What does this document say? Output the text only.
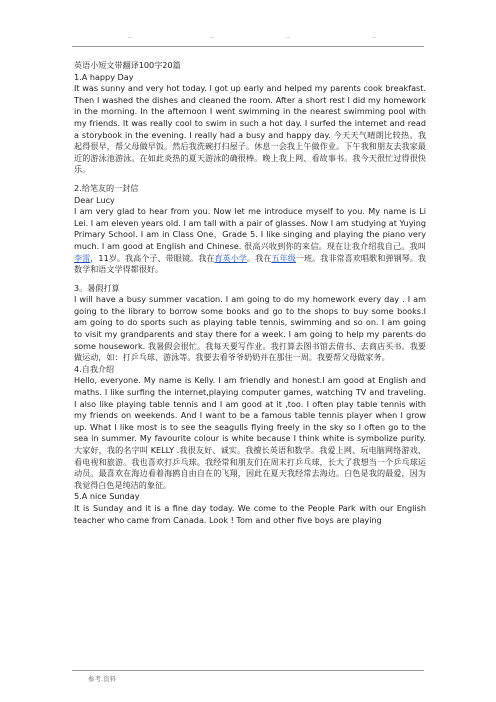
..	..	..	..

英语小短文带翻译100字20篇

1.A happy Day

It was sunny and very hot today. I got up early and helped my parents cook breakfast. Then I washed the dishes and cleaned the room. After a short rest I did my homework in the morning. In the afternoon I went swimming in the nearest swimming pool with my friends. It was really cool to swim in such a hot day. I surfed the internet and read a storybook in the evening. I really had a busy and happy day. 今天天气晴朗比较热。我起得很早，帮父母做早饭。然后我洗碗打扫屋子。休息一会我上午做作业。下午我和朋友去我家最近的游泳池游泳。在如此炎热的夏天游泳的确很棒。晚上我上网、看故事书。我今天很忙过得很快乐。

2.给笔友的一封信

Dear Lucy

I am very glad to hear from you. Now let me introduce myself to you. My name is Li Lei. I am eleven years old. I am tall with a pair of glasses. Now I am studying at Yuying Primary School. I am in Class One，Grade 5. I like singing and playing the piano very much. I am good at English and Chinese. 很高兴收到你的来信。现在让我介绍我自己。我叫李雷，11岁。我高个子、带眼镜。我在育英小学。我在五年级一班。我非常喜欢唱歌和弹钢琴。我数学和语文学得都很好。

3。暑假打算

I will have a busy summer vacation. I am going to do my homework every day . I am going to the library to borrow some books and go to the shops to buy some books.I am going to do sports such as playing table tennis, swimming and so on. I am going to visit my grandparents and stay there for a week. I am going to help my parents do some housework. 我暑假会很忙。我每天要写作业。我打算去图书馆去借书、去商店买书。我要做运动，如：打乒乓球、游泳等。我要去看爷爷奶奶并在那住一周。我要帮父母做家务。

4.自我介绍

Hello, everyone. My name is Kelly. I am friendly and honest.I am good at English and maths. I like surfing the internet,playing computer games, watching TV and traveling. I also like playing table tennis and I am good at it ,too. I often play table tennis with my friends on weekends. And I want to be a famous table tennis player when I grow up. What I like most is to see the seagulls flying freely in the sky so I often go to the sea in summer. My favourite colour is white because I think white is symbolize purity. 大家好，我的名字叫 KELLY .我很友好、诚实。我擅长英语和数学。我爱上网、玩电脑网络游戏、看电视和旅游。我也喜欢打乒乓球。我经常和朋友们在周末打乒乓球，长大了我想当一个乒乓球运动员。最喜欢在海边看着海鸥自由自在的飞翔，因此在夏天我经常去海边。白色是我的最爱，因为我觉得白色是纯洁的象征。

5.A nice Sunday

It is Sunday and it is a fine day today. We come to the People Park with our English teacher who came from Canada. Look ! Tom and other five boys are playing

参考.资料
